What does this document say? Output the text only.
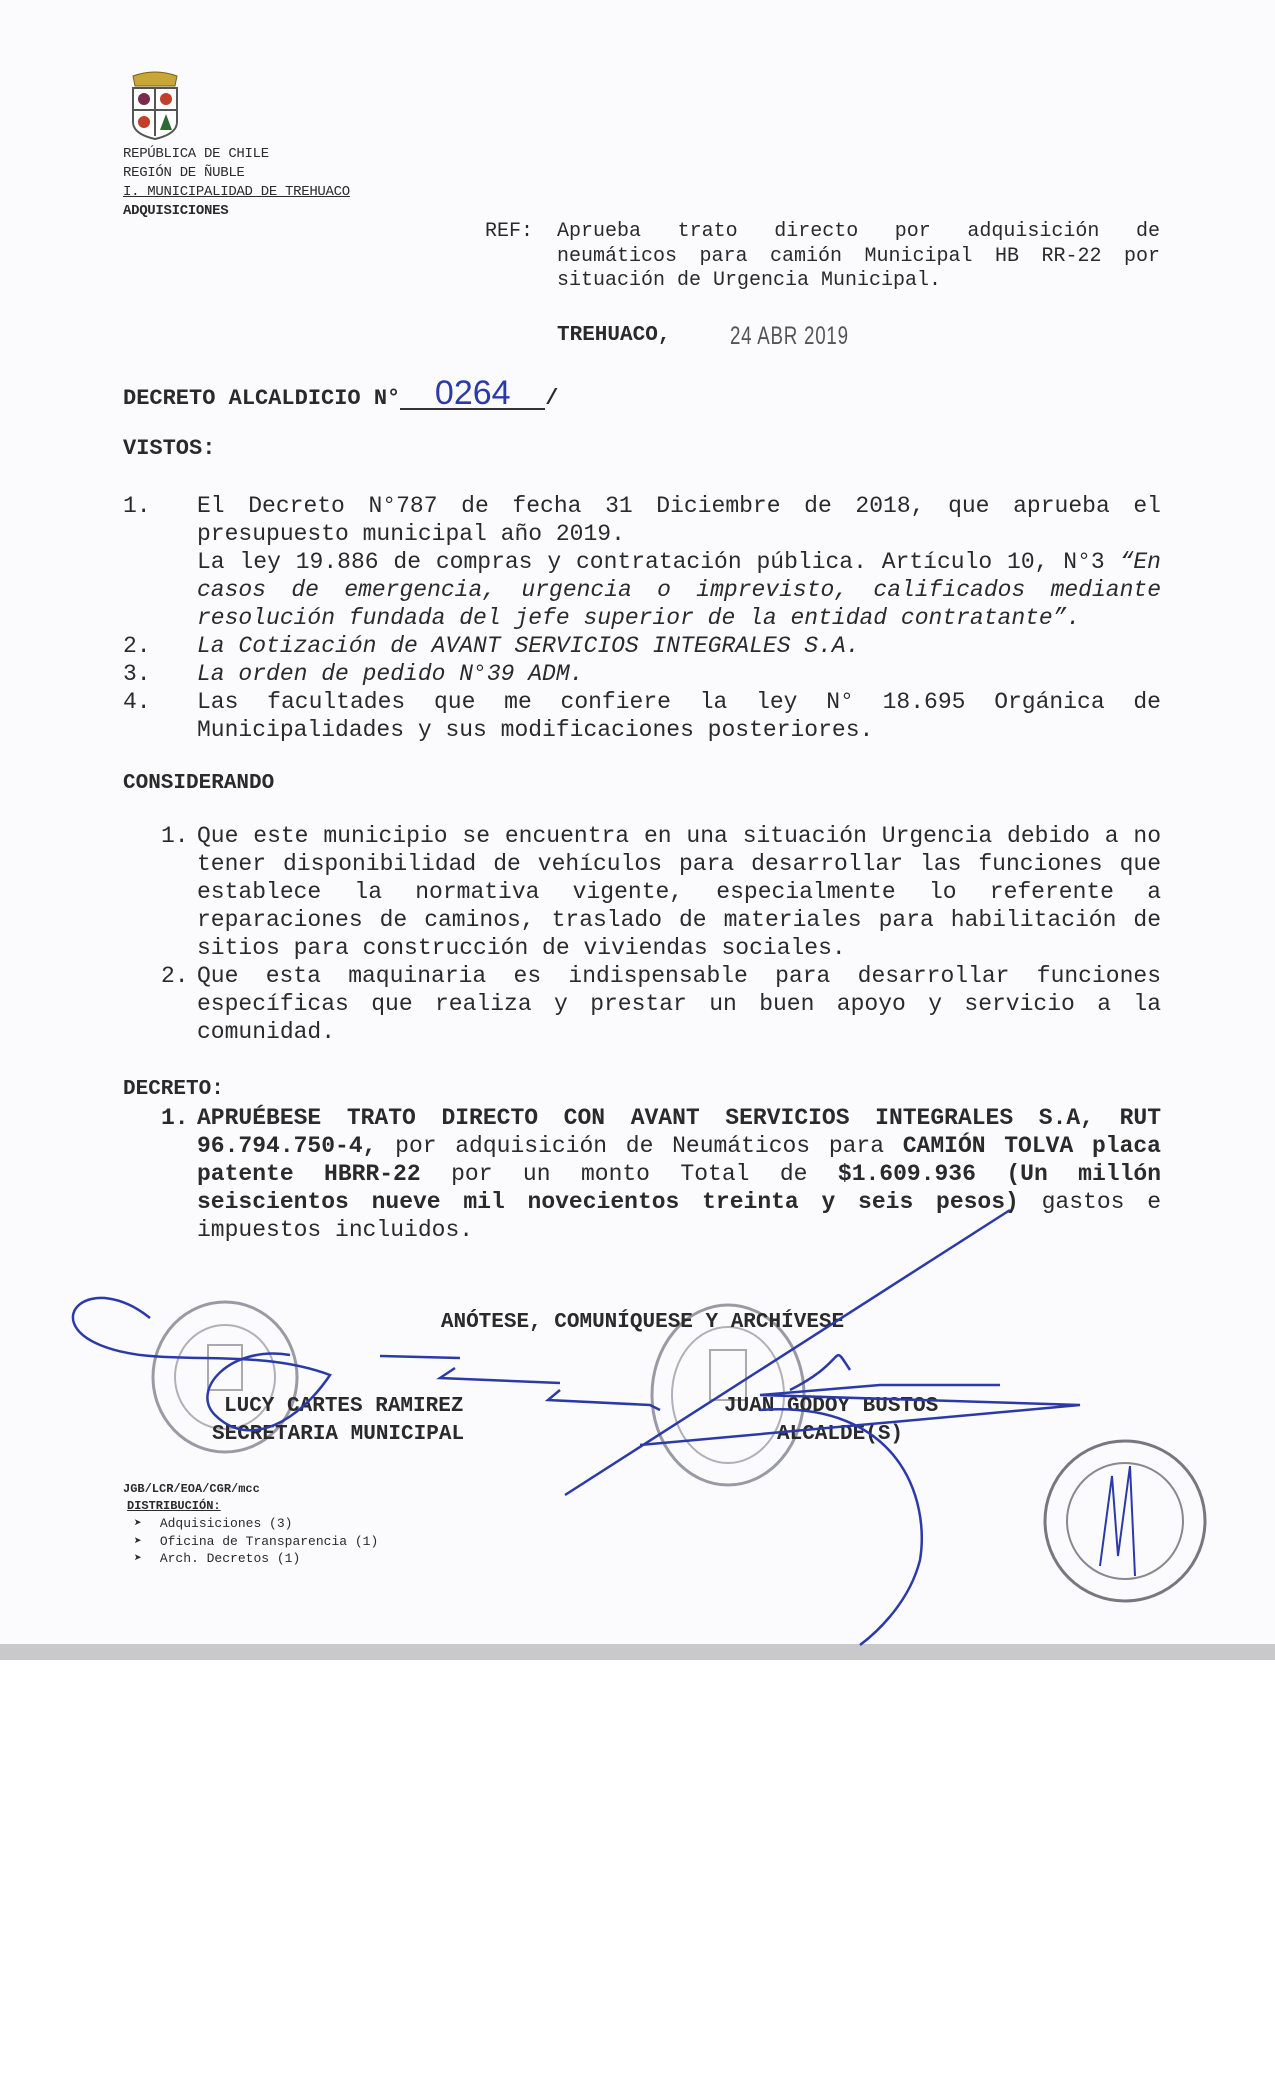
REPÚBLICA DE CHILE
REGIÓN DE ÑUBLE
I. MUNICIPALIDAD DE TREHUACO
ADQUISICIONES
REF: Aprueba trato directo por adquisición de neumáticos para camión Municipal HB RR-22 por situación de Urgencia Municipal.
TREHUACO, 24 ABR 2019
DECRETO ALCALDICIO N° 0264 /
VISTOS:
1. El Decreto N°787 de fecha 31 Diciembre de 2018, que aprueba el presupuesto municipal año 2019.
La ley 19.886 de compras y contratación pública. Artículo 10, N°3 “En casos de emergencia, urgencia o imprevisto, calificados mediante resolución fundada del jefe superior de la entidad contratante”.
2. La Cotización de AVANT SERVICIOS INTEGRALES S.A.
3. La orden de pedido N°39 ADM.
4. Las facultades que me confiere la ley N° 18.695 Orgánica de Municipalidades y sus modificaciones posteriores.
CONSIDERANDO
1. Que este municipio se encuentra en una situación Urgencia debido a no tener disponibilidad de vehículos para desarrollar las funciones que establece la normativa vigente, especialmente lo referente a reparaciones de caminos, traslado de materiales para habilitación de sitios para construcción de viviendas sociales.
2. Que esta maquinaria es indispensable para desarrollar funciones específicas que realiza y prestar un buen apoyo y servicio a la comunidad.
DECRETO:
1. APRUÉBESE TRATO DIRECTO CON AVANT SERVICIOS INTEGRALES S.A, RUT 96.794.750-4, por adquisición de Neumáticos para CAMIÓN TOLVA placa patente HBRR-22 por un monto Total de $1.609.936 (Un millón seiscientos nueve mil novecientos treinta y seis pesos) gastos e impuestos incluidos.
ANÓTESE, COMUNÍQUESE Y ARCHÍVESE
LUCY CARTES RAMIREZ
SECRETARIA MUNICIPAL
JUAN GODOY BUSTOS
ALCALDE(S)
JGB/LCR/EOA/CGR/mcc
DISTRIBUCIÓN:
➤ Adquisiciones (3)
➤ Oficina de Transparencia (1)
➤ Arch. Decretos (1)
